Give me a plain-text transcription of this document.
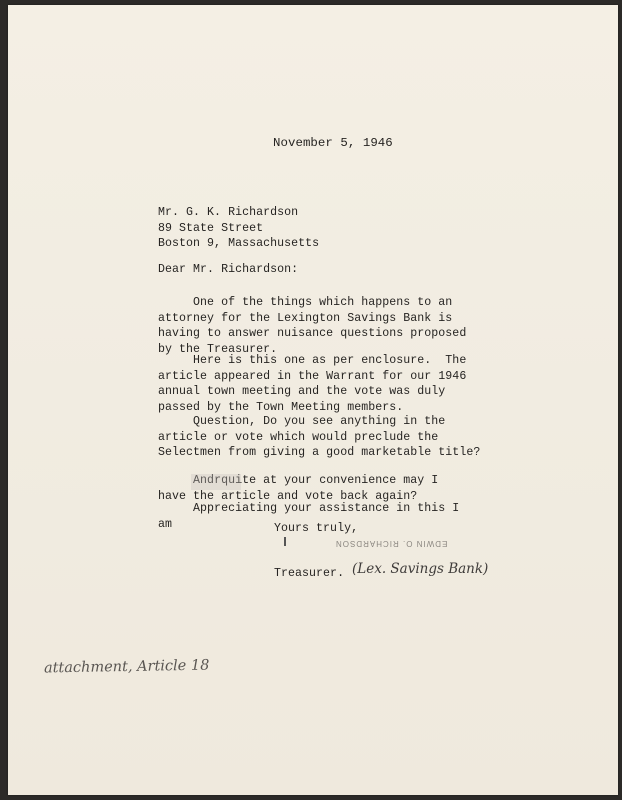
November 5, 1946
Mr. G. K. Richardson
89 State Street
Boston 9, Massachusetts
Dear Mr. Richardson:
One of the things which happens to an
attorney for the Lexington Savings Bank is
having to answer nuisance questions proposed
by the Treasurer.
Here is this one as per enclosure.  The
article appeared in the Warrant for our 1946
annual town meeting and the vote was duly
passed by the Town Meeting members.
Question, Do you see anything in the
article or vote which would preclude the
Selectmen from giving a good marketable title?
Andrquite at your convenience may I
have the article and vote back again?
Appreciating your assistance in this I
am	Yours truly,
EDWIN O. RICHARDSON
Treasurer. (Lex. Savings Bank)
attachment, Article 18
